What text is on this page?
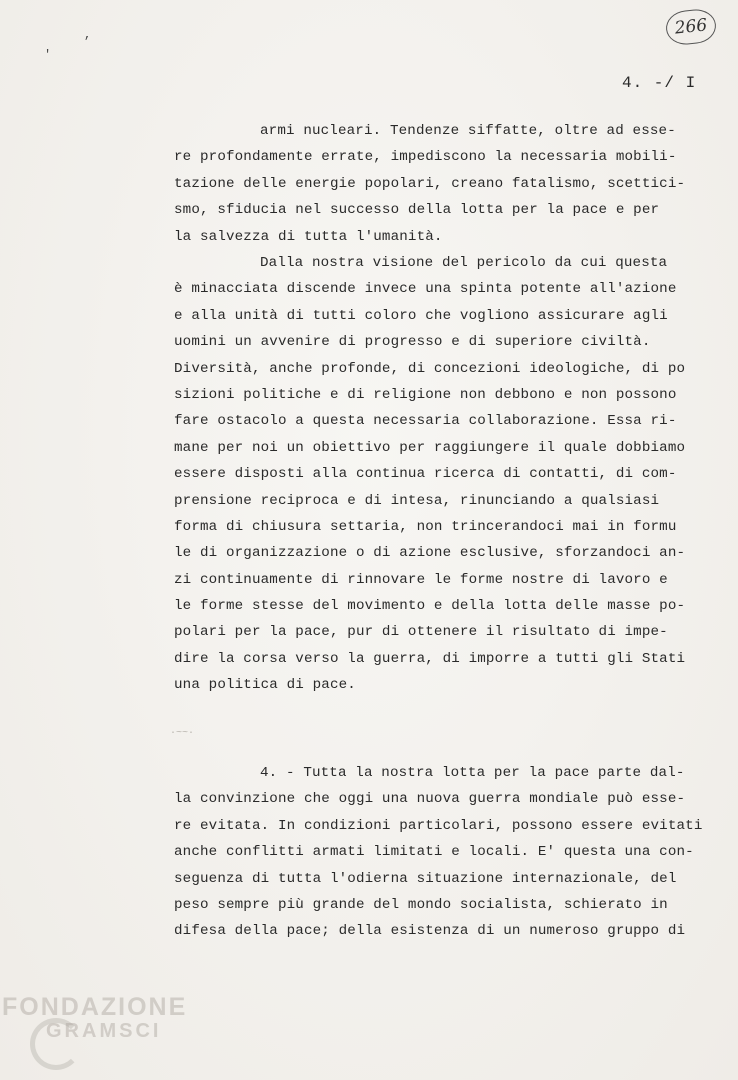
266
,
'
4. -/ I
armi nucleari. Tendenze siffatte, oltre ad esse-
re profondamente errate, impediscono la necessaria mobili-
tazione delle energie popolari, creano fatalismo, scettici-
smo, sfiducia nel successo della lotta per la pace e per
la salvezza di tutta l'umanità.
Dalla nostra visione del pericolo da cui questa
è minacciata discende invece una spinta potente all'azione
e alla unità di tutti coloro che vogliono assicurare agli
uomini un avvenire di progresso e di superiore civiltà.
Diversità, anche profonde, di concezioni ideologiche, di po
sizioni politiche e di religione non debbono e non possono
fare ostacolo a questa necessaria collaborazione. Essa ri-
mane per noi un obiettivo per raggiungere il quale dobbiamo
essere disposti alla continua ricerca di contatti, di com-
prensione reciproca e di intesa, rinunciando a qualsiasi
forma di chiusura settaria, non trincerandoci mai in formu
le di organizzazione o di azione esclusive, sforzandoci an-
zi continuamente di rinnovare le forme nostre di lavoro e
le forme stesse del movimento e della lotta delle masse po-
polari per la pace, pur di ottenere il risultato di impe-
dire la corsa verso la guerra, di imporre a tutti gli Stati
una politica di pace.
·~~·
4. - Tutta la nostra lotta per la pace parte dal-
la convinzione che oggi una nuova guerra mondiale può esse-
re evitata. In condizioni particolari, possono essere evitati
anche conflitti armati limitati e locali. E' questa una con-
seguenza di tutta l'odierna situazione internazionale, del
peso sempre più grande del mondo socialista, schierato in
difesa della pace; della esistenza di un numeroso gruppo di
FONDAZIONE
GRAMSCI
